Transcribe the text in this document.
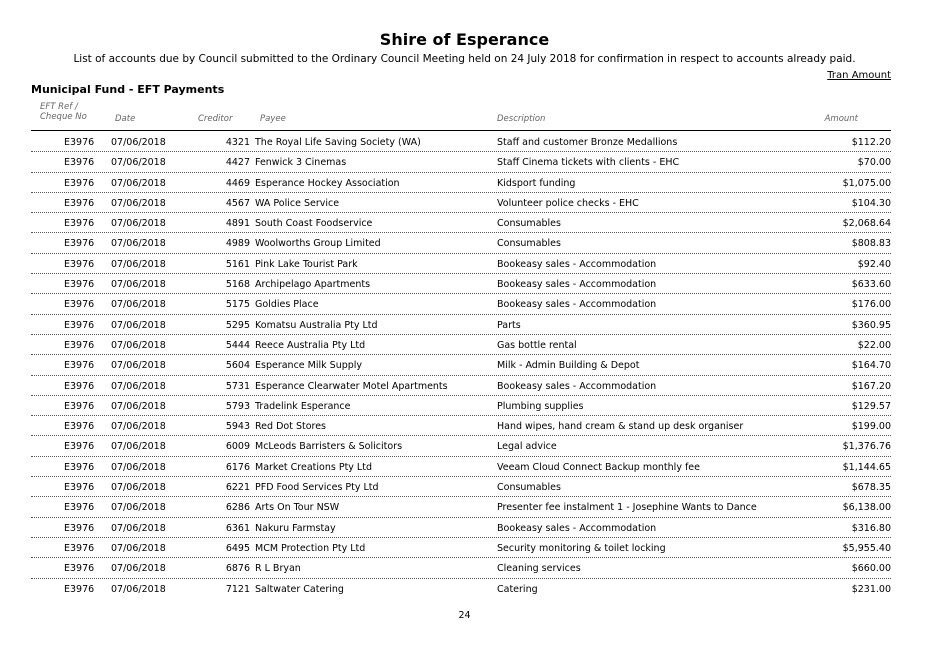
Shire of Esperance
List of accounts due by Council submitted to the Ordinary Council Meeting held on 24 July 2018 for confirmation in respect to accounts already paid.
Tran Amount
Municipal Fund - EFT Payments
EFT Ref / Cheque No	Date	Creditor	Payee	Description	Amount
E3976 07/06/2018	4321 The Royal Life Saving Society (WA)	Staff and customer Bronze Medallions	$112.20
E3976 07/06/2018	4427 Fenwick 3 Cinemas	Staff Cinema tickets with clients - EHC	$70.00
E3976 07/06/2018	4469 Esperance Hockey Association	Kidsport funding	$1,075.00
E3976 07/06/2018	4567 WA Police Service	Volunteer police checks - EHC	$104.30
E3976 07/06/2018	4891 South Coast Foodservice	Consumables	$2,068.64
E3976 07/06/2018	4989 Woolworths Group Limited	Consumables	$808.83
E3976 07/06/2018	5161 Pink Lake Tourist Park	Bookeasy sales - Accommodation	$92.40
E3976 07/06/2018	5168 Archipelago Apartments	Bookeasy sales - Accommodation	$633.60
E3976 07/06/2018	5175 Goldies Place	Bookeasy sales - Accommodation	$176.00
E3976 07/06/2018	5295 Komatsu Australia Pty Ltd	Parts	$360.95
E3976 07/06/2018	5444 Reece Australia Pty Ltd	Gas bottle rental	$22.00
E3976 07/06/2018	5604 Esperance Milk Supply	Milk - Admin Building & Depot	$164.70
E3976 07/06/2018	5731 Esperance Clearwater Motel Apartments	Bookeasy sales - Accommodation	$167.20
E3976 07/06/2018	5793 Tradelink Esperance	Plumbing supplies	$129.57
E3976 07/06/2018	5943 Red Dot Stores	Hand wipes, hand cream & stand up desk organiser	$199.00
E3976 07/06/2018	6009 McLeods Barristers & Solicitors	Legal advice	$1,376.76
E3976 07/06/2018	6176 Market Creations Pty Ltd	Veeam Cloud Connect Backup monthly fee	$1,144.65
E3976 07/06/2018	6221 PFD Food Services Pty Ltd	Consumables	$678.35
E3976 07/06/2018	6286 Arts On Tour NSW	Presenter fee instalment 1 - Josephine Wants to Dance	$6,138.00
E3976 07/06/2018	6361 Nakuru Farmstay	Bookeasy sales - Accommodation	$316.80
E3976 07/06/2018	6495 MCM Protection Pty Ltd	Security monitoring & toilet locking	$5,955.40
E3976 07/06/2018	6876 R L Bryan	Cleaning services	$660.00
E3976 07/06/2018	7121 Saltwater Catering	Catering	$231.00
24
